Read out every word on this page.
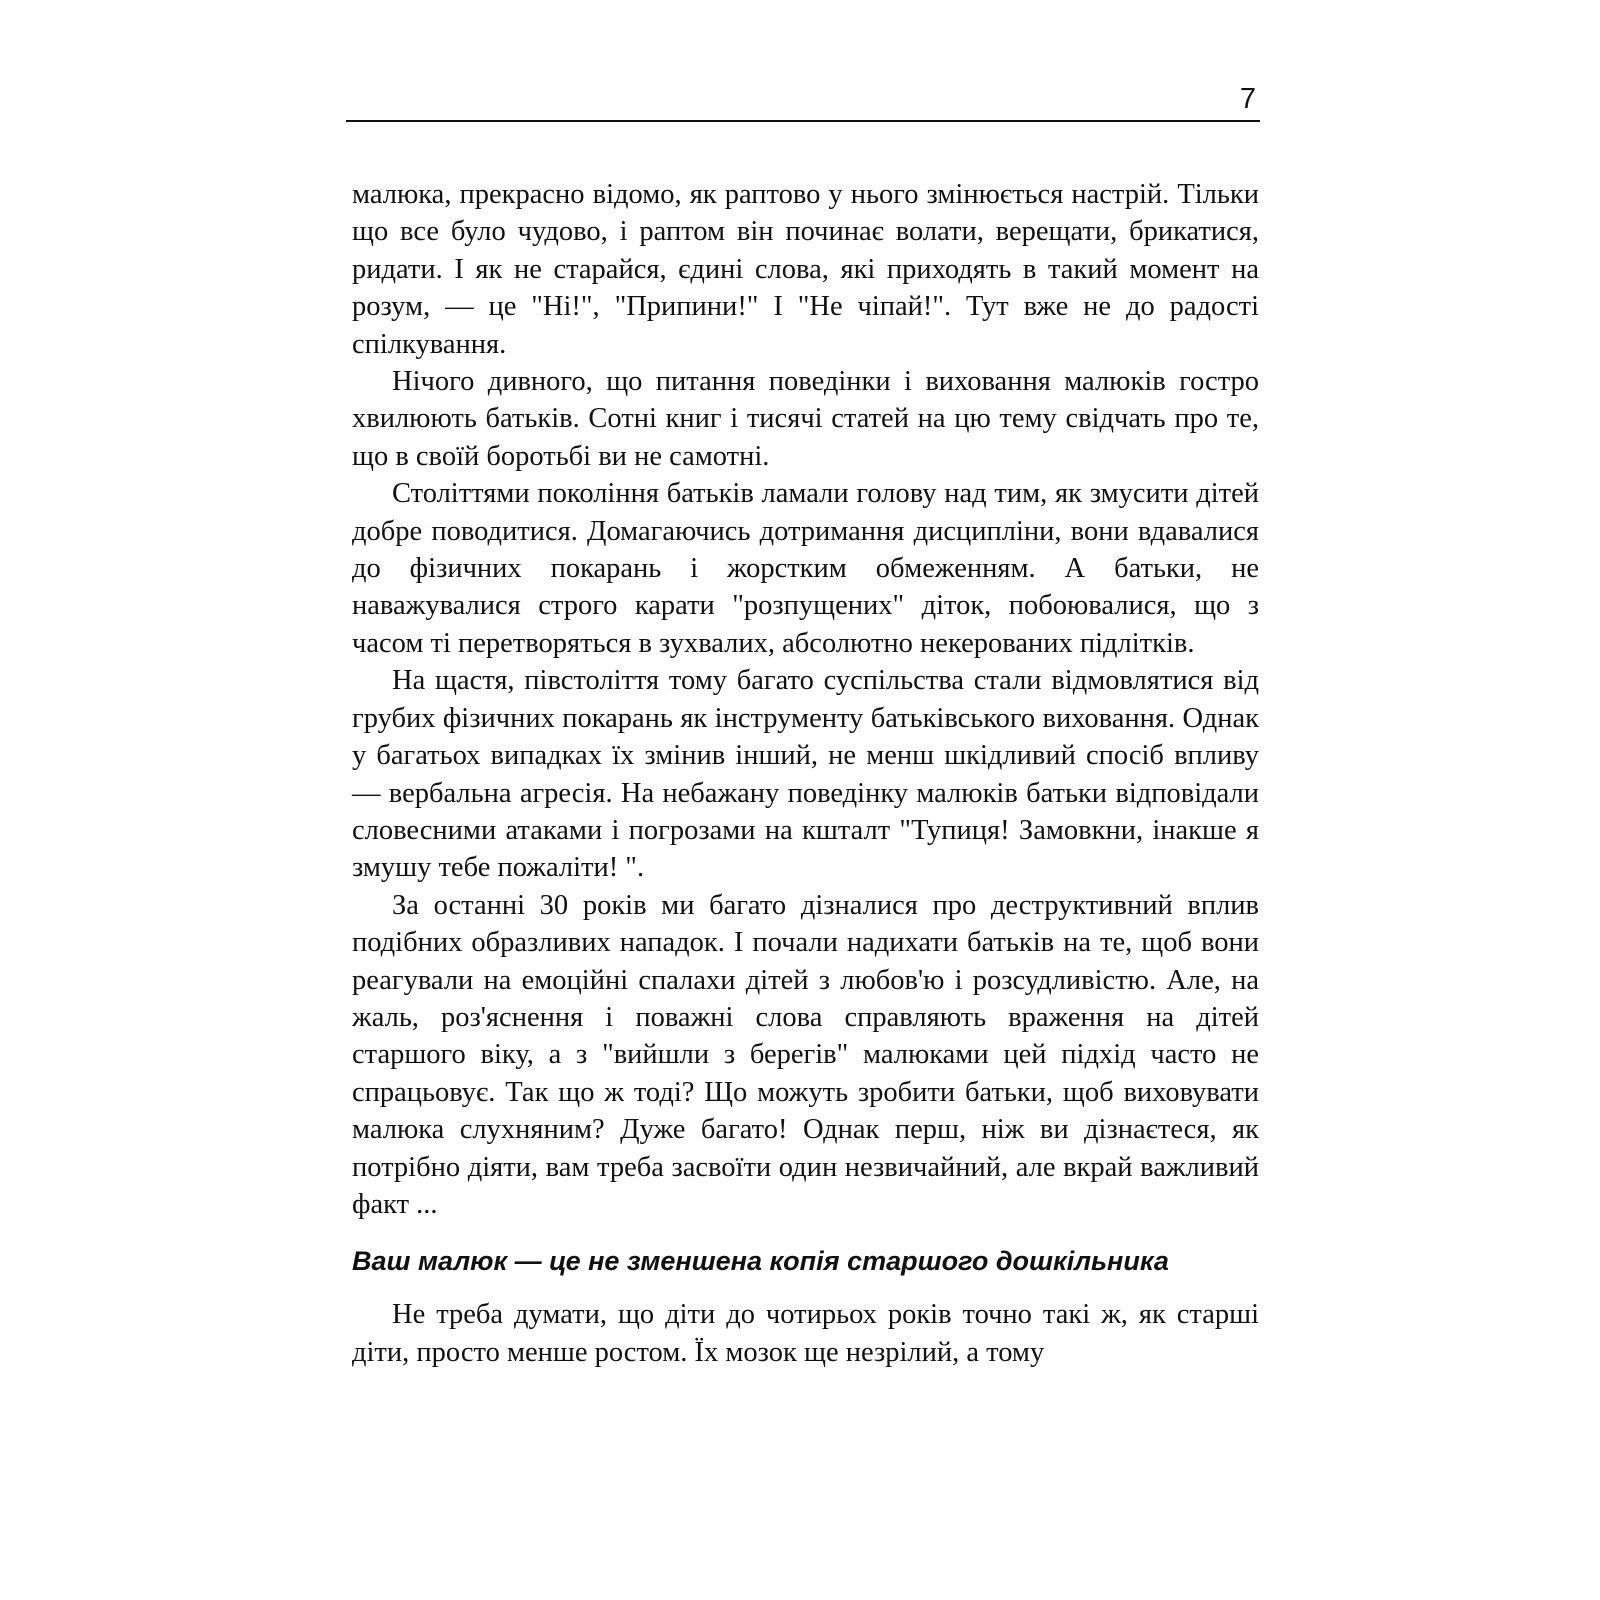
7

малюка, прекрасно відомо, як раптово у нього змінюється настрій. Тільки що все було чудово, і раптом він починає волати, верещати, брикатися, ридати. І як не старайся, єдині слова, які приходять в такий момент на розум, — це "Ні!", "Припини!" І "Не чіпай!". Тут вже не до радості спілкування.

Нічого дивного, що питання поведінки і виховання малюків гостро хвилюють батьків. Сотні книг і тисячі статей на цю тему свідчать про те, що в своїй боротьбі ви не самотні.

Століттями покоління батьків ламали голову над тим, як змусити дітей добре поводитися. Домагаючись дотримання дисципліни, вони вдавалися до фізичних покарань і жорстким обмеженням. А батьки, не наважувалися строго карати "розпущених" діток, побоювалися, що з часом ті перетворяться в зухвалих, абсолютно некерованих підлітків.

На щастя, півстоліття тому багато суспільства стали відмовлятися від грубих фізичних покарань як інструменту батьківського виховання. Однак у багатьох випадках їх змінив інший, не менш шкідливий спосіб впливу — вербальна агресія. На небажану поведінку малюків батьки відповідали словесними атаками і погрозами на кшталт "Тупиця! Замовкни, інакше я змушу тебе пожаліти! ".

За останні 30 років ми багато дізналися про деструктивний вплив подібних образливих нападок. І почали надихати батьків на те, щоб вони реагували на емоційні спалахи дітей з любов'ю і розсудливістю. Але, на жаль, роз'яснення і поважні слова справляють враження на дітей старшого віку, а з "вийшли з берегів" малюками цей підхід часто не спрацьовує. Так що ж тоді? Що можуть зробити батьки, щоб виховувати малюка слухняним? Дуже багато! Однак перш, ніж ви дізнаєтеся, як потрібно діяти, вам треба засвоїти один незвичайний, але вкрай важливий факт ...

Ваш малюк — це не зменшена копія старшого дошкільника

Не треба думати, що діти до чотирьох років точно такі ж, як старші діти, просто менше ростом. Їх мозок ще незрілий, а тому
